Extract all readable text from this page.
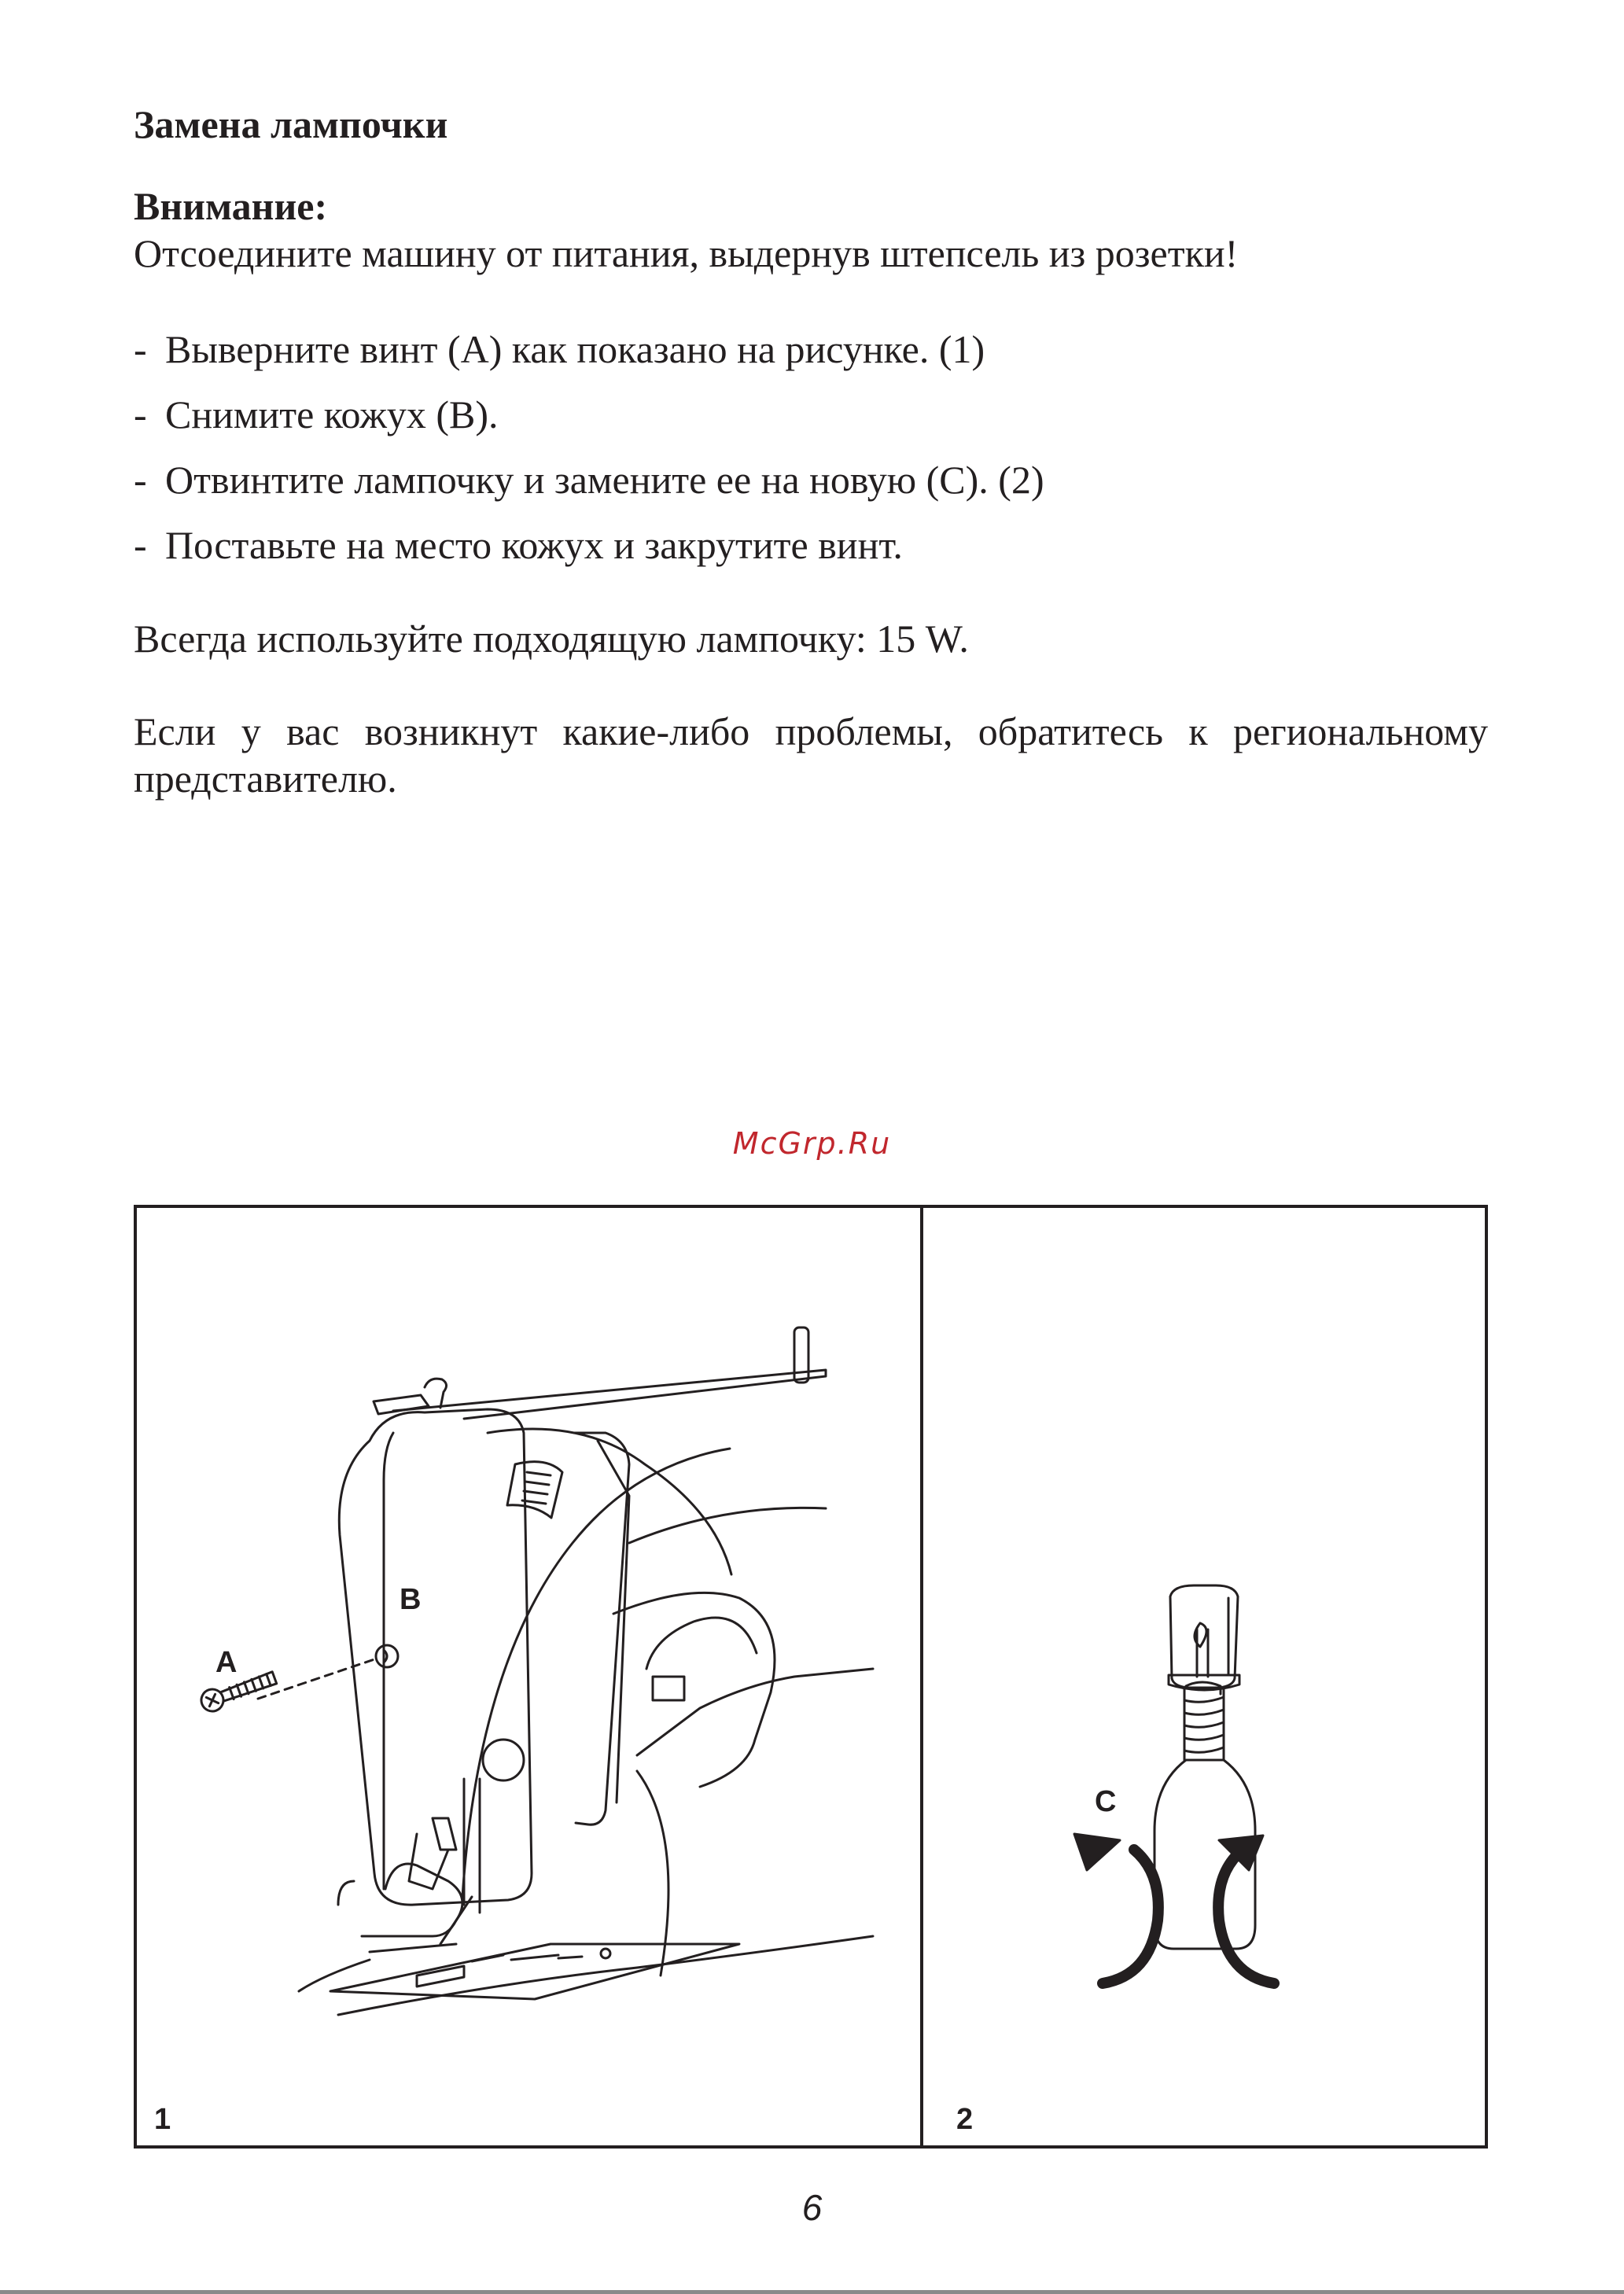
Замена лампочки
Внимание:
Отсоедините машину от питания, выдернув штепсель из розетки!
- Выверните винт (A) как показано на рисунке. (1)
- Снимите кожух (B).
- Отвинтите лампочку и замените ее на новую (C). (2)
- Поставьте на место кожух и закрутите винт.
Всегда используйте подходящую лампочку: 15 W.
Если у вас возникнут какие-либо проблемы, обратитесь к региональному представителю.
McGrp.Ru
B
A
C
1	2
6
